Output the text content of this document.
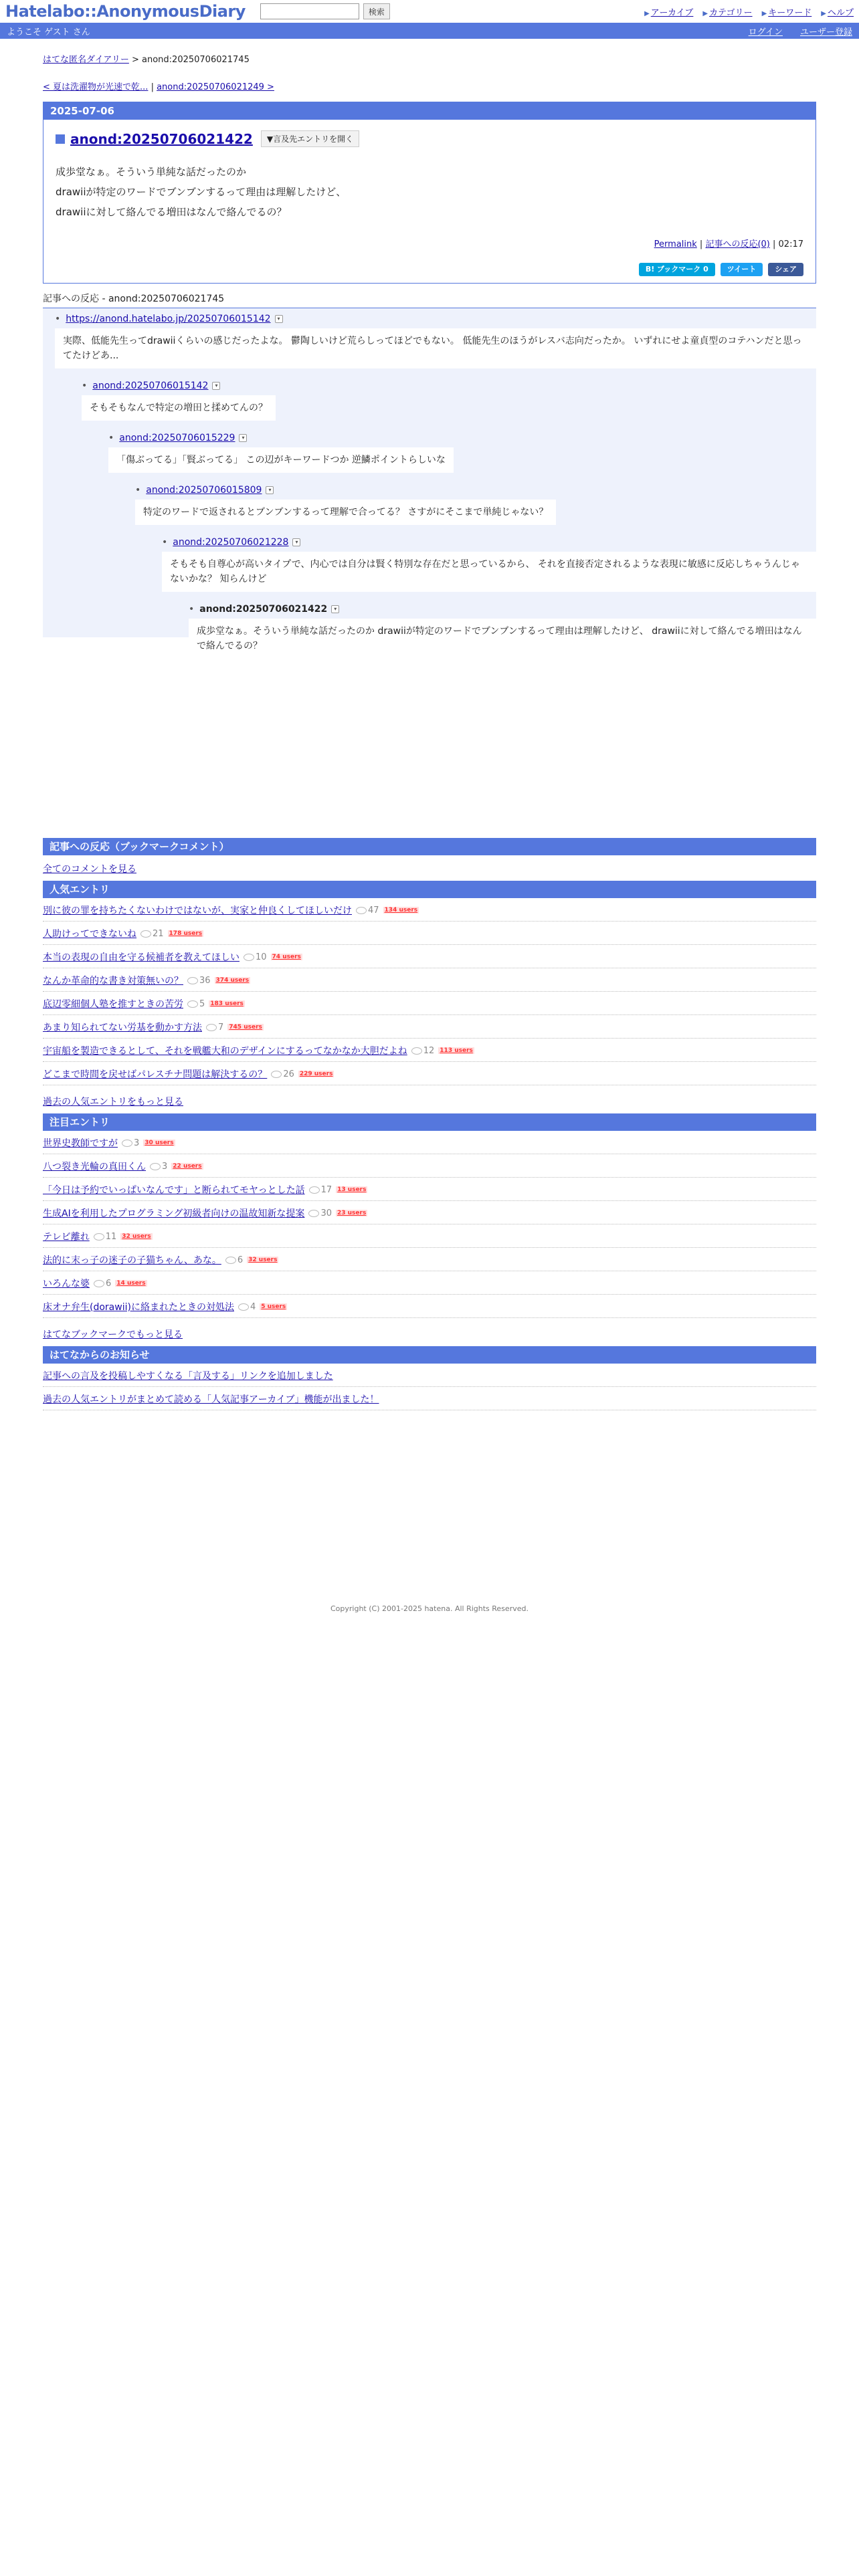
Hatelabo::AnonymousDiary	検索	▶ アーカイブ ▶ カテゴリー ▶ キーワード ▶ ヘルプ
ようこそ ゲスト さん	ログイン ユーザー登録
はてな匿名ダイアリー > anond:20250706021745
< 夏は洗濯物が光速で乾... | anond:20250706021249 >
2025-07-06
anond:20250706021422	▼言及先エントリを開く

成歩堂なぁ。そういう単純な話だったのか

drawiiが特定のワードでブンブンするって理由は理解したけど、

drawiiに対して絡んでる増田はなんで絡んでるの？

Permalink | 記事への反応(0) | 02:17
B! ブックマーク 0	ツイート	シェア
記事への反応 - anond:20250706021745
• https://anond.hatelabo.jp/20250706015142	▾
実際、低能先生ってdrawiiくらいの感じだったよな。 鬱陶しいけど荒らしってほどでもない。 低能先生のほうがレスバ志向だったか。 いずれにせよ童貞型のコテハンだと思ってたけどあ...
• anond:20250706015142	▾
そもそもなんで特定の増田と揉めてんの？
• anond:20250706015229	▾
「傷ぶってる」「賢ぶってる」 この辺がキーワードつか 逆鱗ポイントらしいな
• anond:20250706015809	▾
特定のワードで返されるとブンブンするって理解で合ってる？ さすがにそこまで単純じゃない？
• anond:20250706021228	▾
そもそも自尊心が高いタイプで、内心では自分は賢く特別な存在だと思っているから、 それを直接否定されるような表現に敏感に反応しちゃうんじゃないかな？ 知らんけど
• anond:20250706021422	▾
成歩堂なぁ。そういう単純な話だったのか drawiiが特定のワードでブンブンするって理由は理解したけど、 drawiiに対して絡んでる増田はなんで絡んでるの？
記事への反応（ブックマークコメント）
全てのコメントを見る
人気エントリ
別に彼の罪を持ちたくないわけではないが、実家と仲良くしてほしいだけ 47 134 users
人助けってできないね 21 178 users
本当の表現の自由を守る候補者を教えてほしい 10 74 users
なんか革命的な書き対策無いの？ 36 374 users
底辺零細個人塾を推すときの苦労 5 183 users
あまり知られてない労基を動かす方法 7 745 users
宇宙船を製造できるとして、それを戦艦大和のデザインにするってなかなか大胆だよね 12 113 users
どこまで時間を戻せばパレスチナ問題は解決するの？ 26 229 users
過去の人気エントリをもっと見る
注目エントリ
世界史教師ですが 3 30 users
八つ裂き光輪の真田くん 3 22 users
「今日は予約でいっぱいなんです」と断られてモヤっとした話 17 13 users
生成AIを利用したプログラミング初級者向けの温故知新な提案 30 23 users
テレビ離れ 11 32 users
法的に末っ子の迷子の子猫ちゃん、あな。 6 32 users
いろんな婆 6 14 users
床オナ弁生(dorawii)に絡まれたときの対処法 4 5 users
はてなブックマークでもっと見る
はてなからのお知らせ
記事への言及を投稿しやすくなる「言及する」リンクを追加しました
過去の人気エントリがまとめて読める「人気記事アーカイブ」機能が出ました！
Copyright (C) 2001-2025 hatena. All Rights Reserved.
